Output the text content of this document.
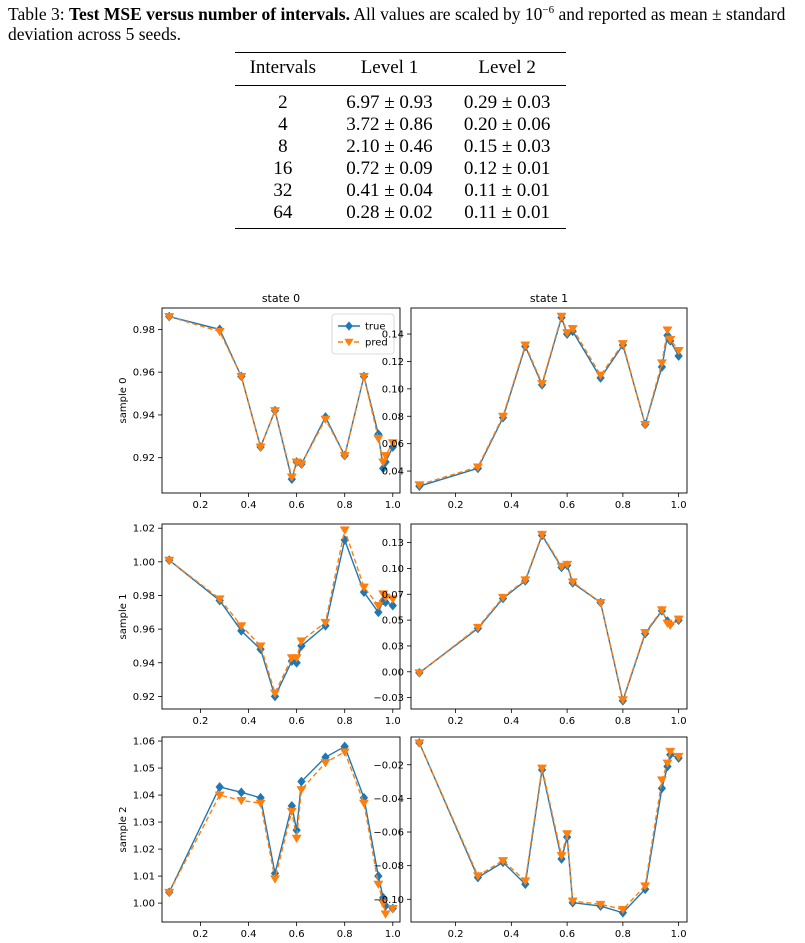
Table 3: Test MSE versus number of intervals. All values are scaled by $10^{-6}$ and reported as mean ± standard deviation across 5 seeds.
Intervals	Level 1	Level 2
2	6.97 ± 0.93	0.29 ± 0.03
4	3.72 ± 0.86	0.20 ± 0.06
8	2.10 ± 0.46	0.15 ± 0.03
16	0.72 ± 0.09	0.12 ± 0.01
32	0.41 ± 0.04	0.11 ± 0.01
64	0.28 ± 0.02	0.11 ± 0.01
0.2	0.4	0.6	0.8	1.0
0.92
0.94
0.96
0.98
state 0
sample 0
true
pred
0.2	0.4	0.6	0.8	1.0
0.04
0.06
0.08
0.10
0.12
0.14
state 1
0.2	0.4	0.6	0.8	1.0
0.92
0.94
0.96
0.98
1.00
1.02
sample 1
0.2	0.4	0.6	0.8	1.0
−0.03
0.00
0.03
0.05
0.07
0.10
0.13
0.2	0.4	0.6	0.8	1.0
1.00
1.01
1.02
1.03
1.04
1.05
1.06
sample 2
0.2	0.4	0.6	0.8	1.0
−0.02
−0.04
−0.06
−0.08
−0.10
